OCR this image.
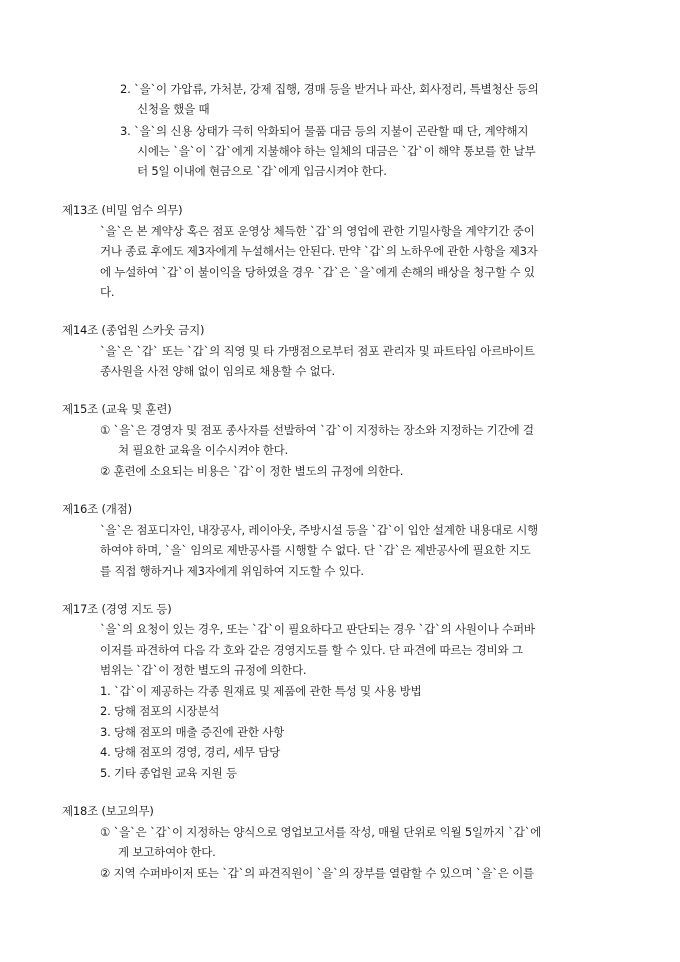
2. `을`이 가압류, 가처분, 강제 집행, 경매 등을 받거나 파산, 회사정리, 특별청산 등의
신청을 했을 때
3. `을`의 신용 상태가 극히 악화되어 물품 대금 등의 지불이 곤란할 때 단, 계약해지
시에는 `을`이 `갑`에게 지불해야 하는 일체의 대금은 `갑`이 해약 통보를 한 날부
터 5일 이내에 현금으로 `갑`에게 입금시켜야 한다.
제13조 (비밀 엄수 의무)
`을`은 본 계약상 혹은 점포 운영상 체득한 `갑`의 영업에 관한 기밀사항을 계약기간 중이
거나 종료 후에도 제3자에게 누설해서는 안된다. 만약 `갑`의 노하우에 관한 사항을 제3자
에 누설하여 `갑`이 불이익을 당하였을 경우 `갑`은 `을`에게 손해의 배상을 청구할 수 있
다.
제14조 (종업원 스카웃 금지)
`을`은 `갑` 또는 `갑`의 직영 및 타 가맹점으로부터 점포 관리자 및 파트타임 아르바이트
종사원을 사전 양해 없이 임의로 채용할 수 없다.
제15조 (교육 및 훈련)
① `을`은 경영자 및 점포 종사자를 선발하여 `갑`이 지정하는 장소와 지정하는 기간에 걸
쳐 필요한 교육을 이수시켜야 한다.
② 훈련에 소요되는 비용은 `갑`이 정한 별도의 규정에 의한다.
제16조 (개점)
`을`은 점포디자인, 내장공사, 레이아웃, 주방시설 등을 `갑`이 입안 설계한 내용대로 시행
하여야 하며, `을` 임의로 제반공사를 시행할 수 없다. 단 `갑`은 제반공사에 필요한 지도
를 직접 행하거나 제3자에게 위임하여 지도할 수 있다.
제17조 (경영 지도 등)
`을`의 요청이 있는 경우, 또는 `갑`이 필요하다고 판단되는 경우 `갑`의 사원이나 수퍼바
이저를 파견하여 다음 각 호와 같은 경영지도를 할 수 있다. 단 파견에 따르는 경비와 그
범위는 `갑`이 정한 별도의 규정에 의한다.
1. `갑`이 제공하는 각종 원재료 및 제품에 관한 특성 및 사용 방법
2. 당해 점포의 시장분석
3. 당해 점포의 매출 증진에 관한 사항
4. 당해 점포의 경영, 경리, 세무 담당
5. 기타 종업원 교육 지원 등
제18조 (보고의무)
① `을`은 `갑`이 지정하는 양식으로 영업보고서를 작성, 매월 단위로 익월 5일까지 `갑`에
게 보고하여야 한다.
② 지역 수퍼바이저 또는 `갑`의 파견직원이 `을`의 장부를 열람할 수 있으며 `을`은 이를
